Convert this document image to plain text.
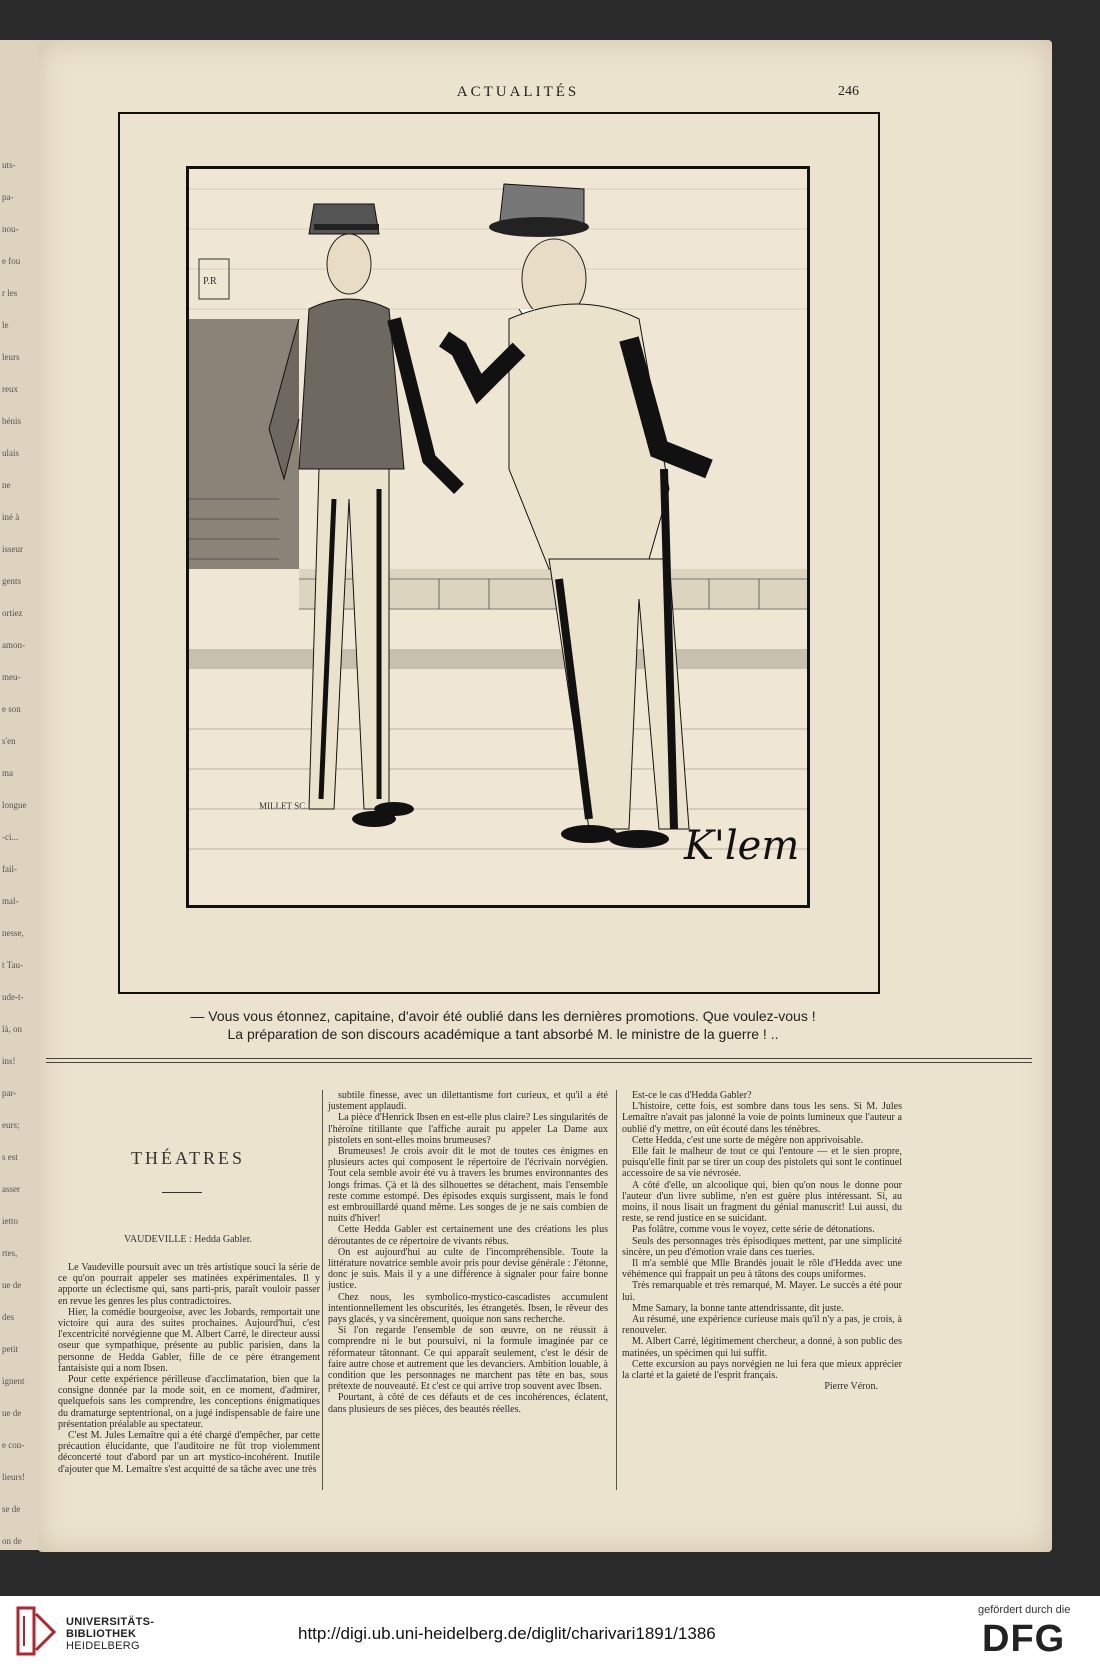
uts-
pa-
nou-
e fou
r les
le
leurs
reux
bénis
ulais
ne
iné à
isseur
gents
ortiez
amon-
meu-
e son
s'en
ma
longue
-ci...
fail-
mal-
nesse,
t Tau-
ude-t-
là, on
ins!
par-
eurs;
s est
asser
ietto
rtes,
ue de
des
petit
ignent
ue de
e con-
lieurs!
se de
on de
ACTUALITÉS	246
P.R
K'lem
MILLET SC.
— Vous vous étonnez, capitaine, d'avoir été oublié dans les dernières promotions. Que voulez-vous !
La préparation de son discours académique a tant absorbé M. le ministre de la guerre ! ..
THÉATRES
VAUDEVILLE : Hedda Gabler.

Le Vaudeville poursuit avec un très artistique souci la série de ce qu'on pourrait appeler ses matinées expérimentales. Il y apporte un éclectisme qui, sans parti-pris, paraît vouloir passer en revue les genres les plus contradictoires.

Hier, la comédie bourgeoise, avec les Jobards, remportait une victoire qui aura des suites prochaines. Aujourd'hui, c'est l'excentricité norvégienne que M. Albert Carré, le directeur aussi oseur que sympathique, présente au public parisien, dans la personne de Hedda Gabler, fille de ce père étrangement fantaisiste qui a nom Ibsen.

Pour cette expérience périlleuse d'acclimatation, bien que la consigne donnée par la mode soit, en ce moment, d'admirer, quelquefois sans les comprendre, les conceptions énigmatiques du dramaturge septentrional, on a jugé indispensable de faire une présentation préalable au spectateur.

C'est M. Jules Lemaître qui a été chargé d'empêcher, par cette précaution élucidante, que l'auditoire ne fût trop violemment déconcerté tout d'abord par un art mystico-incohérent. Inutile d'ajouter que M. Lemaître s'est acquitté de sa tâche avec une très

subtile finesse, avec un dilettantisme fort curieux, et qu'il a été justement applaudi.

La pièce d'Henrick Ibsen en est-elle plus claire? Les singularités de l'héroïne titillante que l'affiche aurait pu appeler La Dame aux pistolets en sont-elles moins brumeuses?

Brumeuses! Je crois avoir dit le mot de toutes ces énigmes en plusieurs actes qui composent le répertoire de l'écrivain norvégien. Tout cela semble avoir été vu à travers les brumes environnantes des longs frimas. Çà et là des silhouettes se détachent, mais l'ensemble reste comme estompé. Des épisodes exquis surgissent, mais le fond est embrouillardé quand même. Les songes de je ne sais combien de nuits d'hiver!

Cette Hedda Gabler est certainement une des créations les plus déroutantes de ce répertoire de vivants rébus.

On est aujourd'hui au culte de l'incompréhensible. Toute la littérature novatrice semble avoir pris pour devise générale : J'étonne, donc je suis. Mais il y a une différence à signaler pour faire bonne justice.

Chez nous, les symbolico-mystico-cascadistes accumulent intentionnellement les obscurités, les étrangetés. Ibsen, le rêveur des pays glacés, y va sincèrement, quoique non sans recherche.

Si l'on regarde l'ensemble de son œuvre, on ne réussit à comprendre ni le but poursuivi, ni la formule imaginée par ce réformateur tâtonnant. Ce qui apparaît seulement, c'est le désir de faire autre chose et autrement que les devanciers. Ambition louable, à condition que les personnages ne marchent pas tête en bas, sous prétexte de nouveauté. Et c'est ce qui arrive trop souvent avec Ibsen.

Pourtant, à côté de ces défauts et de ces incohérences, éclatent, dans plusieurs de ses pièces, des beautés réelles.

Est-ce le cas d'Hedda Gabler?

L'histoire, cette fois, est sombre dans tous les sens. Si M. Jules Lemaître n'avait pas jalonné la voie de points lumineux que l'auteur a oublié d'y mettre, on eût écouté dans les ténèbres.

Cette Hedda, c'est une sorte de mégère non apprivoisable.

Elle fait le malheur de tout ce qui l'entoure — et le sien propre, puisqu'elle finit par se tirer un coup des pistolets qui sont le continuel accessoire de sa vie névrosée.

A côté d'elle, un alcoolique qui, bien qu'on nous le donne pour l'auteur d'un livre sublime, n'en est guère plus intéressant. Si, au moins, il nous lisait un fragment du génial manuscrit! Lui aussi, du reste, se rend justice en se suicidant.

Pas folâtre, comme vous le voyez, cette série de détonations.

Seuls des personnages très épisodiques mettent, par une simplicité sincère, un peu d'émotion vraie dans ces tueries.

Il m'a semblé que Mlle Brandès jouait le rôle d'Hedda avec une véhémence qui frappait un peu à tâtons des coups uniformes.

Très remarquable et très remarqué, M. Mayer. Le succès a été pour lui.

Mme Samary, la bonne tante attendrissante, dit juste.

Au résumé, une expérience curieuse mais qu'il n'y a pas, je crois, à renouveler.

M. Albert Carré, légitimement chercheur, a donné, à son public des matinées, un spécimen qui lui suffit.

Cette excursion au pays norvégien ne lui fera que mieux apprécier la clarté et la gaieté de l'esprit français.

Pierre Véron.

UNIVERSITÄTS-
BIBLIOTHEK
HEIDELBERG
http://digi.ub.uni-heidelberg.de/diglit/charivari1891/1386
gefördert durch die
DFG
